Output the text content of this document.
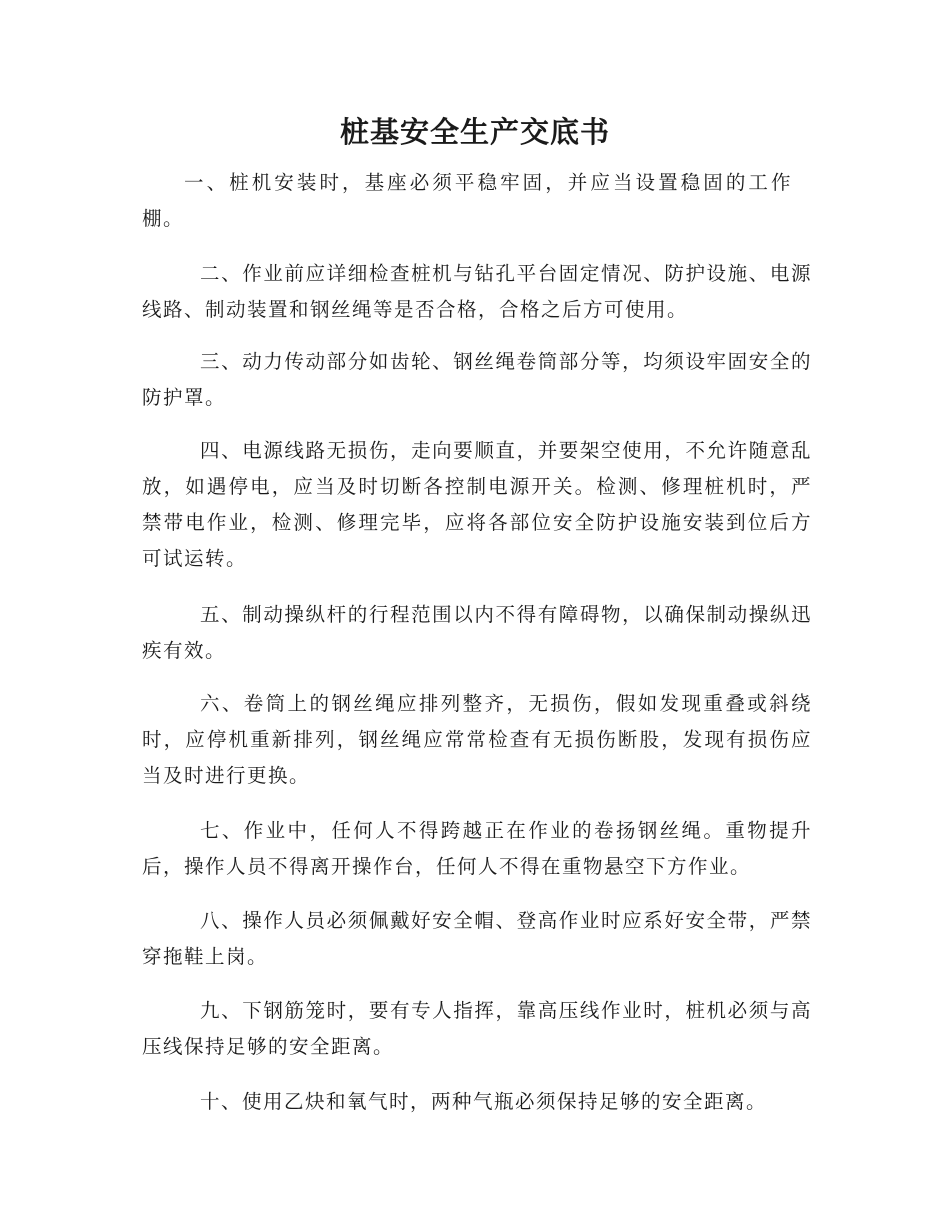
桩基安全生产交底书
一、桩机安装时，基座必须平稳牢固，并应当设置稳固的工作棚。
二、作业前应详细检查桩机与钻孔平台固定情况、防护设施、电源线路、制动装置和钢丝绳等是否合格，合格之后方可使用。
三、动力传动部分如齿轮、钢丝绳卷筒部分等，均须设牢固安全的防护罩。
四、电源线路无损伤，走向要顺直，并要架空使用，不允许随意乱放，如遇停电，应当及时切断各控制电源开关。检测、修理桩机时，严禁带电作业，检测、修理完毕，应将各部位安全防护设施安装到位后方可试运转。
五、制动操纵杆的行程范围以内不得有障碍物，以确保制动操纵迅疾有效。
六、卷筒上的钢丝绳应排列整齐，无损伤，假如发现重叠或斜绕时，应停机重新排列，钢丝绳应常常检查有无损伤断股，发现有损伤应当及时进行更换。
七、作业中，任何人不得跨越正在作业的卷扬钢丝绳。重物提升后，操作人员不得离开操作台，任何人不得在重物悬空下方作业。
八、操作人员必须佩戴好安全帽、登高作业时应系好安全带，严禁穿拖鞋上岗。
九、下钢筋笼时，要有专人指挥，靠高压线作业时，桩机必须与高压线保持足够的安全距离。
十、使用乙炔和氧气时，两种气瓶必须保持足够的安全距离。
